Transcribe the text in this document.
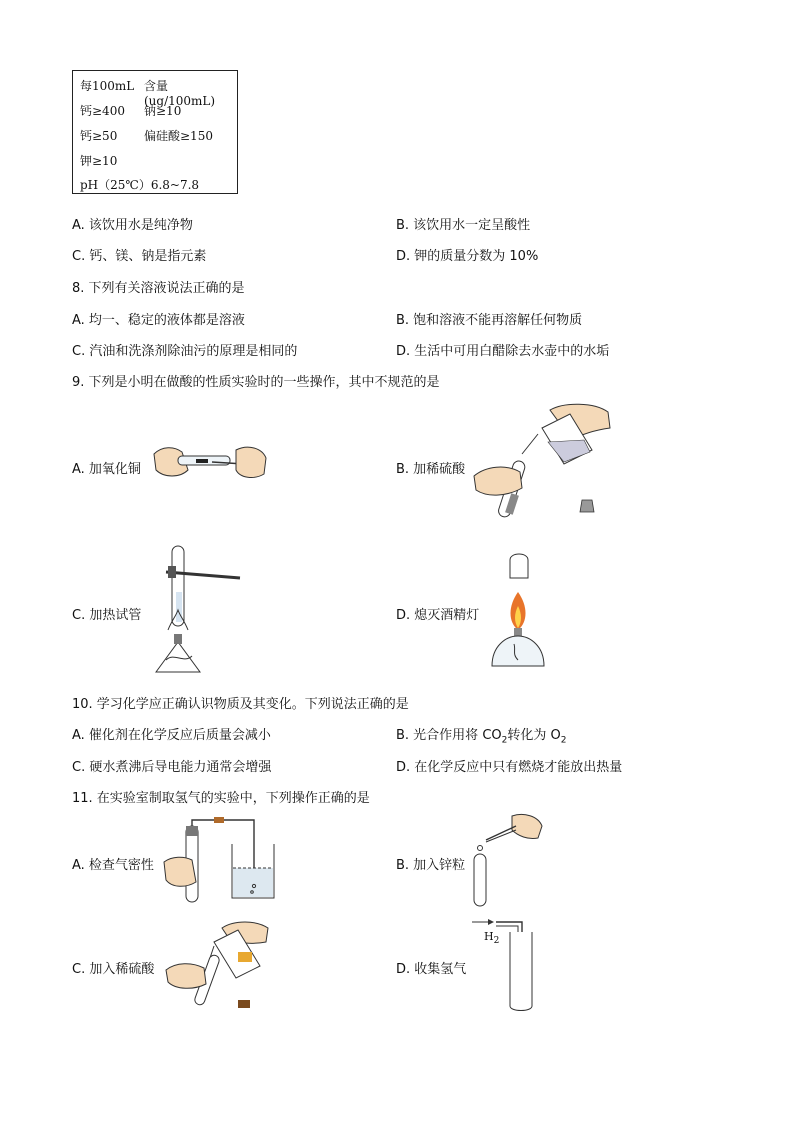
每100mL 含量(ug/100mL)
钙≥400 钠≥10
钙≥50 偏硅酸≥150
钾≥10
pH（25℃）6.8~7.8
A. 该饮用水是纯净物	B. 该饮用水一定呈酸性
C. 钙、镁、钠是指元素	D. 钾的质量分数为 10%
8. 下列有关溶液说法正确的是
A. 均一、稳定的液体都是溶液	B. 饱和溶液不能再溶解任何物质
C. 汽油和洗涤剂除油污的原理是相同的	D. 生活中可用白醋除去水壶中的水垢
9. 下列是小明在做酸的性质实验时的一些操作，其中不规范的是
A. 加氧化铜	B. 加稀硫酸
C. 加热试管	D. 熄灭酒精灯
10. 学习化学应正确认识物质及其变化。下列说法正确的是
A. 催化剂在化学反应后质量会减小	B. 光合作用将 $CO_2$转化为 $O_2$
C. 硬水煮沸后导电能力通常会增强	D. 在化学反应中只有燃烧才能放出热量
11. 在实验室制取氢气的实验中，下列操作正确的是
A. 检查气密性	B. 加入锌粒
C. 加入稀硫酸	D. 收集氢气
$H_2$
